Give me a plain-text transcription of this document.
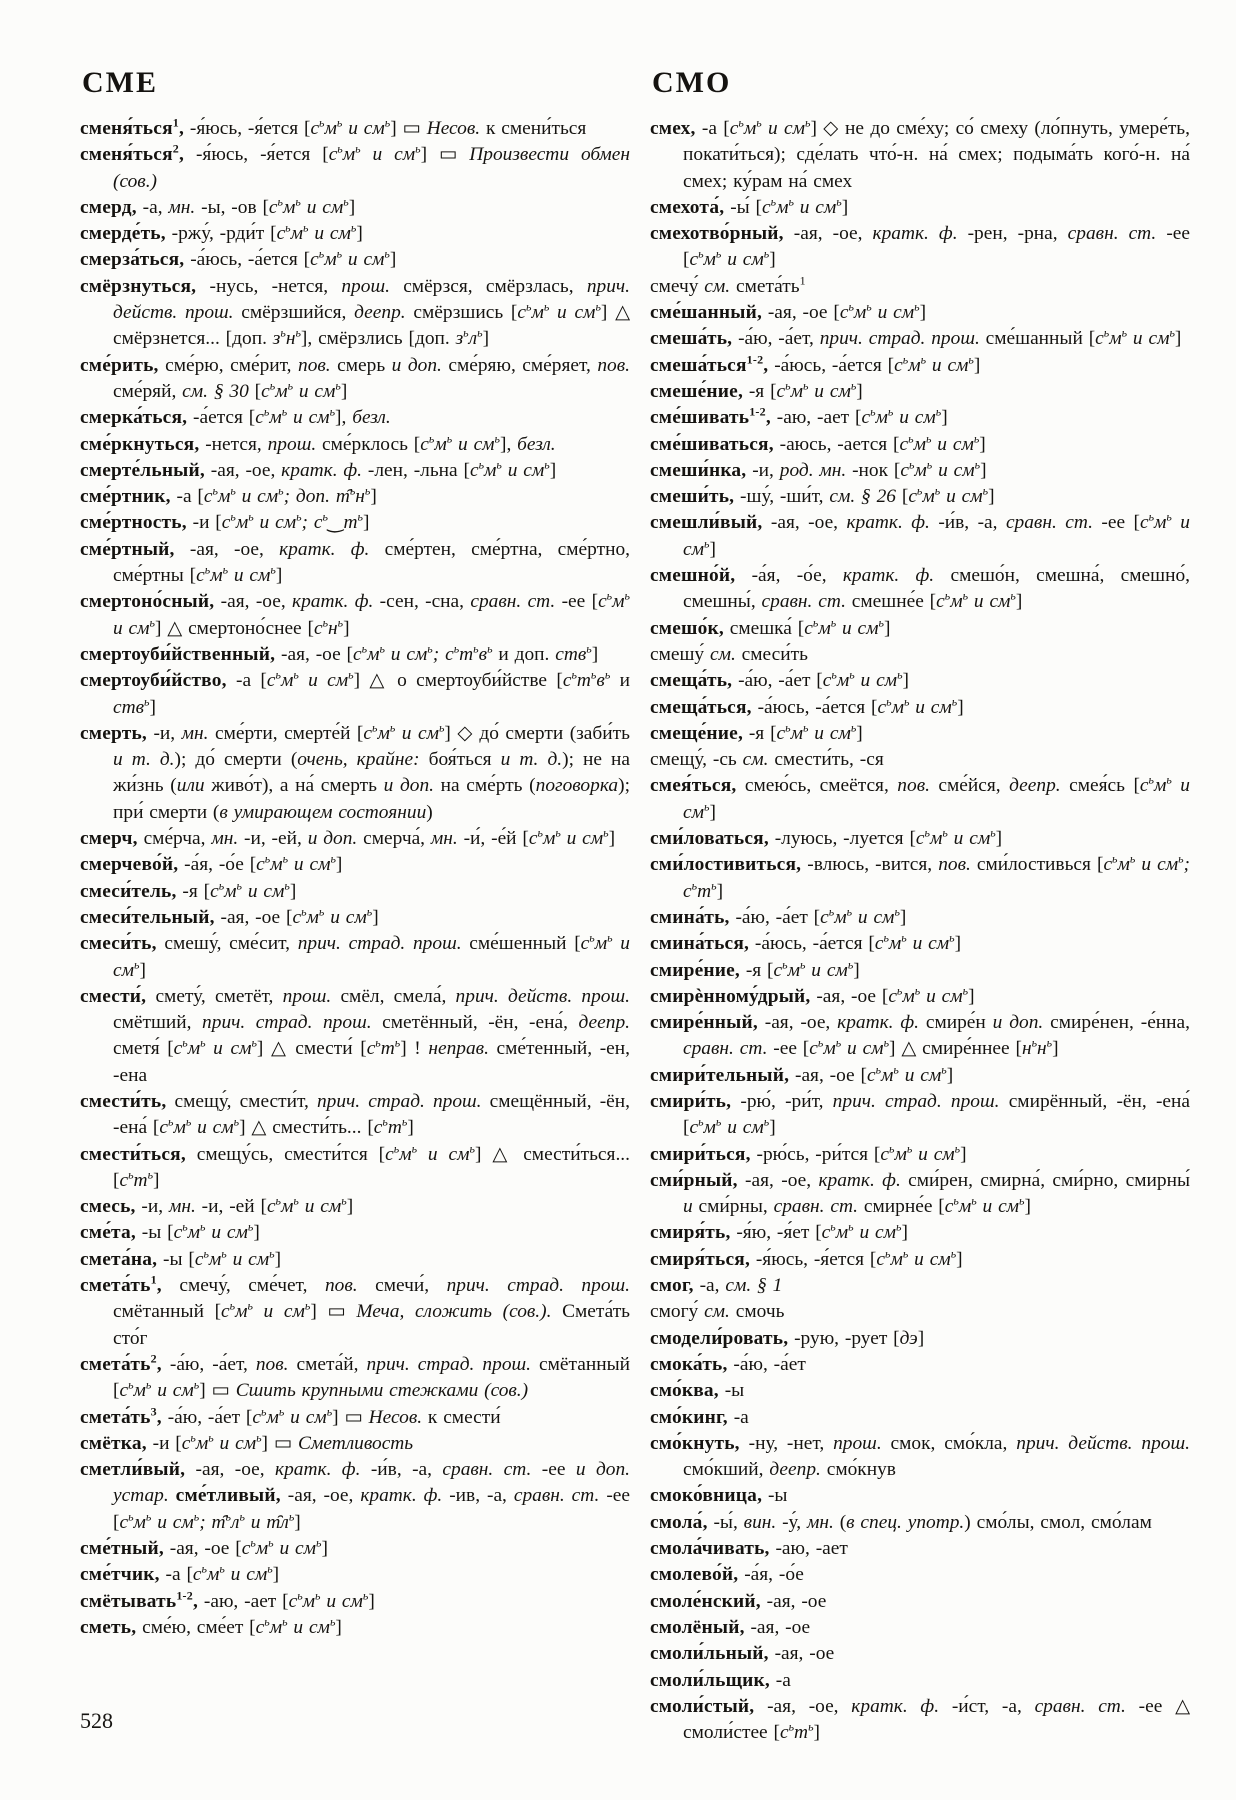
СМЕ

сменя́ться$^1$, -я́юсь, -я́ется [$с^ьм^ь$ и $см^ь$] ▭ Несов. к смени́ться

сменя́ться$^2$, -я́юсь, -я́ется [$с^ьм^ь$ и $см^ь$] ▭ Произвести обмен (сов.)

смерд, -а, мн. -ы, -ов [$с^ьм^ь$ и $см^ь$]

смерде́ть, -ржу́, -рди́т [$с^ьм^ь$ и $см^ь$]

смерза́ться, -а́юсь, -а́ется [$с^ьм^ь$ и $см^ь$]

смёрзнуться, -нусь, -нется, прош. смёрзся, смёрзлась, прич. действ. прош. смёрзшийся, деепр. смёрзшись [$с^ьм^ь$ и $см^ь$] △ смёрзнется... [доп. $з^ьн^ь$], смёрзлись [доп. $з^ьл^ь$]

сме́рить, сме́рю, сме́рит, пов. смерь и доп. сме́ряю, сме́ряет, пов. сме́ряй, см. § 30 [$с^ьм^ь$ и $см^ь$]

смерка́ться, -а́ется [$с^ьм^ь$ и $см^ь$], безл.

сме́ркнуться, -нется, прош. сме́рклось [$с^ьм^ь$ и $см^ь$], безл.

смерте́льный, -ая, -ое, кратк. ф. -лен, -льна [$с^ьм^ь$ и $см^ь$]

сме́ртник, -а [$с^ьм^ь$ и $см^ь$; доп. $т̑^ьн^ь$]

сме́ртность, -и [$с^ьм^ь$ и $см^ь$; $с^ь‿т^ь$]

сме́ртный, -ая, -ое, кратк. ф. сме́ртен, сме́ртна, сме́ртно, сме́ртны [$с^ьм^ь$ и $см^ь$]

смертоно́сный, -ая, -ое, кратк. ф. -сен, -сна, сравн. ст. -ее [$с^ьм^ь$ и $см^ь$] △ смертоно́снее $[с^ьн^ь]$

смертоуби́йственный, -ая, -ое [$с^ьм^ь$ и $см^ь$; $с^ьт^ьв^ь$ и доп. ств$^ь$]

смертоуби́йство, -а [$с^ьм^ь$ и $см^ь$] △ о смертоуби́йстве [$с^ьт^ьв^ь$ и ств$^ь$]

смерть, -и, мн. сме́рти, смерте́й [$с^ьм^ь$ и $см^ь$] ◇ до́ смерти (заби́ть и т. д.); до́ смерти (очень, крайне: боя́ться и т. д.); не на жи́знь (или живо́т), а на́ смерть и доп. на сме́рть (поговорка); при́ смерти (в умирающем состоянии)

смерч, сме́рча, мн. -и, -ей, и доп. смерча́, мн. -и́, -е́й [$с^ьм^ь$ и $см^ь$]

смерчево́й, -а́я, -о́е [$с^ьм^ь$ и $см^ь$]

смеси́тель, -я [$с^ьм^ь$ и $см^ь$]

смеси́тельный, -ая, -ое [$с^ьм^ь$ и $см^ь$]

смеси́ть, смешу́, сме́сит, прич. страд. прош. сме́шенный [$с^ьм^ь$ и $см^ь$]

смести́, смету́, сметёт, прош. смёл, смела́, прич. действ. прош. смётший, прич. страд. прош. сметённый, -ён, -ена́, деепр. сметя́ [$с^ьм^ь$ и $см^ь$] △ смести́ $[с^ьт^ь]$ ! неправ. сме́тенный, -ен, -ена

смести́ть, смещу́, смести́т, прич. страд. прош. смещённый, -ён, -ена́ [$с^ьм^ь$ и $см^ь$] △ смести́ть... $[с^ьт^ь]$

смести́ться, смещу́сь, смести́тся [$с^ьм^ь$ и $см^ь$] △ смести́ться... $[с^ьт^ь]$

смесь, -и, мн. -и, -ей [$с^ьм^ь$ и $см^ь$]

сме́та, -ы [$с^ьм^ь$ и $см^ь$]

смета́на, -ы [$с^ьм^ь$ и $см^ь$]

$смета́ть^1$, смечу́, сме́чет, пов. смечи́, прич. страд. прош. смётанный [$с^ьм^ь$ и $см^ь$] ▭ Меча, сложить (сов.). Смета́ть сто́г

$смета́ть^2$, -а́ю, -а́ет, пов. смета́й, прич. страд. прош. смётанный [$с^ьм^ь$ и $см^ь$] ▭ Сшить крупными стежками (сов.)

$смета́ть^3$, -а́ю, -а́ет [$с^ьм^ь$ и $см^ь$] ▭ Несов. к смести́

смётка, -и [$с^ьм^ь$ и $см^ь$] ▭ Сметливость

сметли́вый, -ая, -ое, кратк. ф. -и́в, -а, сравн. ст. -ее и доп. устар. сме́тливый, -ая, -ое, кратк. ф. -ив, -а, сравн. ст. -ее [$с^ьм^ь$ и $см^ь$; $т̑^ьл^ь$ и $т̑л^ь$]

сме́тный, -ая, -ое [$с^ьм^ь$ и $см^ь$]

сме́тчик, -а [$с^ьм^ь$ и $см^ь$]

смётывать$^{1-2}$, -аю, -ает [$с^ьм^ь$ и $см^ь$]

сметь, сме́ю, сме́ет [$с^ьм^ь$ и $см^ь$]

СМО

смех, -а [$с^ьм^ь$ и $см^ь$] ◇ не до сме́ху; со́ смеху (ло́пнуть, умере́ть, покати́ться); сде́лать что́-н. на́ смех; подыма́ть кого́-н. на́ смех; ку́рам на́ смех

смехота́, -ы́ [$с^ьм^ь$ и $см^ь$]

смехотво́рный, -ая, -ое, кратк. ф. -рен, -рна, сравн. ст. -ее [$с^ьм^ь$ и $см^ь$]

смечу́ см. $смета́ть^1$

сме́шанный, -ая, -ое [$с^ьм^ь$ и $см^ь$]

смеша́ть, -а́ю, -а́ет, прич. страд. прош. сме́шанный [$с^ьм^ь$ и $см^ь$]

смеша́ться$^{1-2}$, -а́юсь, -а́ется [$с^ьм^ь$ и $см^ь$]

смеше́ние, -я [$с^ьм^ь$ и $см^ь$]

сме́шивать$^{1-2}$, -аю, -ает [$с^ьм^ь$ и $см^ь$]

сме́шиваться, -аюсь, -ается [$с^ьм^ь$ и $см^ь$]

смеши́нка, -и, род. мн. -нок [$с^ьм^ь$ и $см^ь$]

смеши́ть, -шу́, -ши́т, см. § 26 [$с^ьм^ь$ и $см^ь$]

смешли́вый, -ая, -ое, кратк. ф. -и́в, -а, сравн. ст. -ее [$с^ьм^ь$ и $см^ь$]

смешно́й, -а́я, -о́е, кратк. ф. смешо́н, смешна́, смешно́, смешны́, сравн. ст. смешне́е [$с^ьм^ь$ и $см^ь$]

смешо́к, смешка́ [$с^ьм^ь$ и $см^ь$]

смешу́ см. смеси́ть

смеща́ть, -а́ю, -а́ет [$с^ьм^ь$ и $см^ь$]

смеща́ться, -а́юсь, -а́ется [$с^ьм^ь$ и $см^ь$]

смеще́ние, -я [$с^ьм^ь$ и $см^ь$]

смещу́, -сь см. смести́ть, -ся

смея́ться, смею́сь, смеётся, пов. сме́йся, деепр. смея́сь [$с^ьм^ь$ и $см^ь$]

сми́ловаться, -луюсь, -луется [$с^ьм^ь$ и $см^ь$]

сми́лостивиться, -влюсь, -вится, пов. сми́лостивься [$с^ьм^ь$ и $см^ь$; $с^ьт^ь$]

смина́ть, -а́ю, -а́ет [$с^ьм^ь$ и $см^ь$]

смина́ться, -а́юсь, -а́ется [$с^ьм^ь$ и $см^ь$]

смире́ние, -я [$с^ьм^ь$ и $см^ь$]

смирѐнному́дрый, -ая, -ое [$с^ьм^ь$ и $см^ь$]

смире́нный, -ая, -ое, кратк. ф. смире́н и доп. смире́нен, -е́нна, сравн. ст. -ее [$с^ьм^ь$ и $см^ь$] △ смире́ннее $[н^ьн^ь]$

смири́тельный, -ая, -ое [$с^ьм^ь$ и $см^ь$]

смири́ть, -рю́, -ри́т, прич. страд. прош. смирённый, -ён, -ена́ [$с^ьм^ь$ и $см^ь$]

смири́ться, -рю́сь, -ри́тся [$с^ьм^ь$ и $см^ь$]

сми́рный, -ая, -ое, кратк. ф. сми́рен, смирна́, сми́рно, смирны́ и сми́рны, сравн. ст. смирне́е [$с^ьм^ь$ и $см^ь$]

смиря́ть, -я́ю, -я́ет [$с^ьм^ь$ и $см^ь$]

смиря́ться, -я́юсь, -я́ется [$с^ьм^ь$ и $см^ь$]

смог, -а, см. § 1

смогу́ см. смочь

смодели́ровать, -рую, -рует [дэ]

смока́ть, -а́ю, -а́ет

смо́ква, -ы

смо́кинг, -а

смо́кнуть, -ну, -нет, прош. смок, смо́кла, прич. действ. прош. смо́кший, деепр. смо́кнув

смоко́вница, -ы

смола́, -ы́, вин. -у́, мн. (в спец. употр.) смо́лы, смол, смо́лам

смола́чивать, -аю, -ает

смолево́й, -а́я, -о́е

смоле́нский, -ая, -ое

смолёный, -ая, -ое

смоли́льный, -ая, -ое

смоли́льщик, -а

смоли́стый, -ая, -ое, кратк. ф. -и́ст, -а, сравн. ст. -ее △ смоли́стее $[с^ьт^ь]$

528
